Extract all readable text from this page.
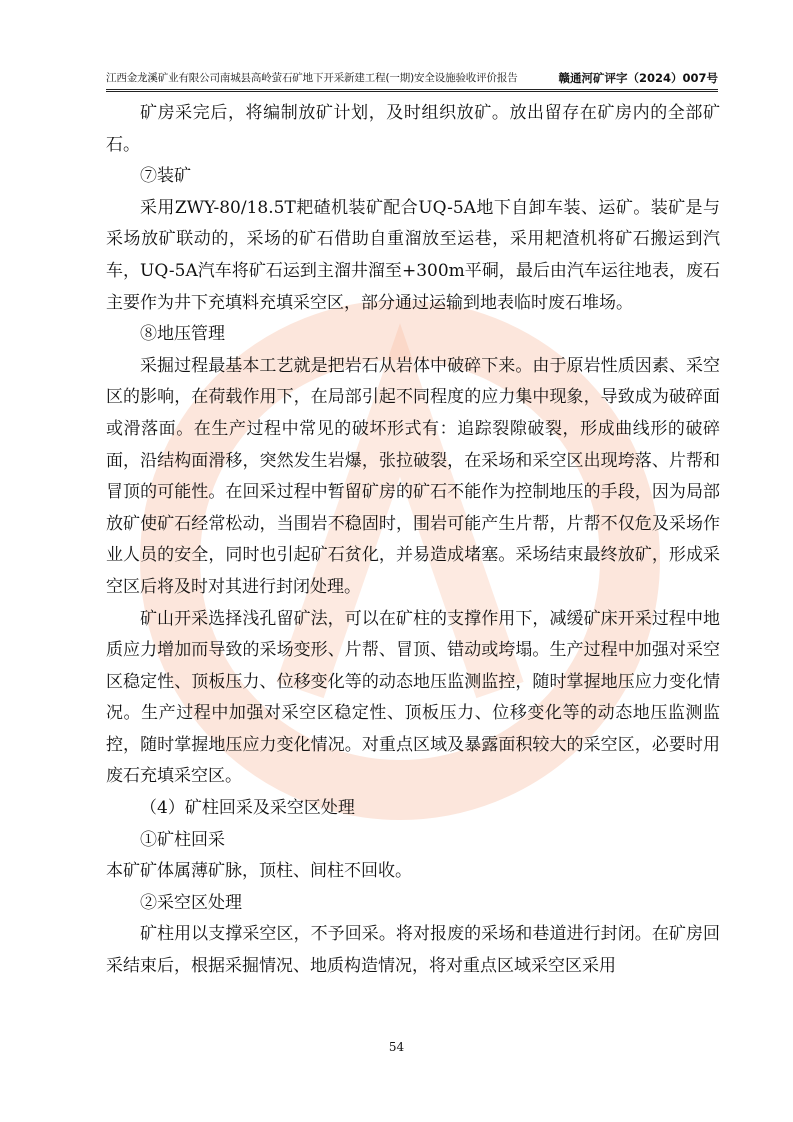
江西金龙溪矿业有限公司南城县高岭萤石矿地下开采新建工程(一期)安全设施验收评价报告	赣通河矿评字（2024）007号

矿房采完后，将编制放矿计划，及时组织放矿。放出留存在矿房内的全部矿石。

⑦装矿

采用ZWY-80/18.5T耙碴机装矿配合UQ-5A地下自卸车装、运矿。装矿是与采场放矿联动的，采场的矿石借助自重溜放至运巷，采用耙渣机将矿石搬运到汽车，UQ-5A汽车将矿石运到主溜井溜至+300m平硐，最后由汽车运往地表，废石主要作为井下充填料充填采空区，部分通过运输到地表临时废石堆场。

⑧地压管理

采掘过程最基本工艺就是把岩石从岩体中破碎下来。由于原岩性质因素、采空区的影响，在荷载作用下，在局部引起不同程度的应力集中现象，导致成为破碎面或滑落面。在生产过程中常见的破坏形式有：追踪裂隙破裂，形成曲线形的破碎面，沿结构面滑移，突然发生岩爆，张拉破裂，在采场和采空区出现垮落、片帮和冒顶的可能性。在回采过程中暂留矿房的矿石不能作为控制地压的手段，因为局部放矿使矿石经常松动，当围岩不稳固时，围岩可能产生片帮，片帮不仅危及采场作业人员的安全，同时也引起矿石贫化，并易造成堵塞。采场结束最终放矿，形成采空区后将及时对其进行封闭处理。

矿山开采选择浅孔留矿法，可以在矿柱的支撑作用下，减缓矿床开采过程中地质应力增加而导致的采场变形、片帮、冒顶、错动或垮塌。生产过程中加强对采空区稳定性、顶板压力、位移变化等的动态地压监测监控，随时掌握地压应力变化情况。生产过程中加强对采空区稳定性、顶板压力、位移变化等的动态地压监测监控，随时掌握地压应力变化情况。对重点区域及暴露面积较大的采空区，必要时用废石充填采空区。

（4）矿柱回采及采空区处理

①矿柱回采

本矿矿体属薄矿脉，顶柱、间柱不回收。

②采空区处理

矿柱用以支撑采空区，不予回采。将对报废的采场和巷道进行封闭。在矿房回采结束后，根据采掘情况、地质构造情况，将对重点区域采空区采用

54
